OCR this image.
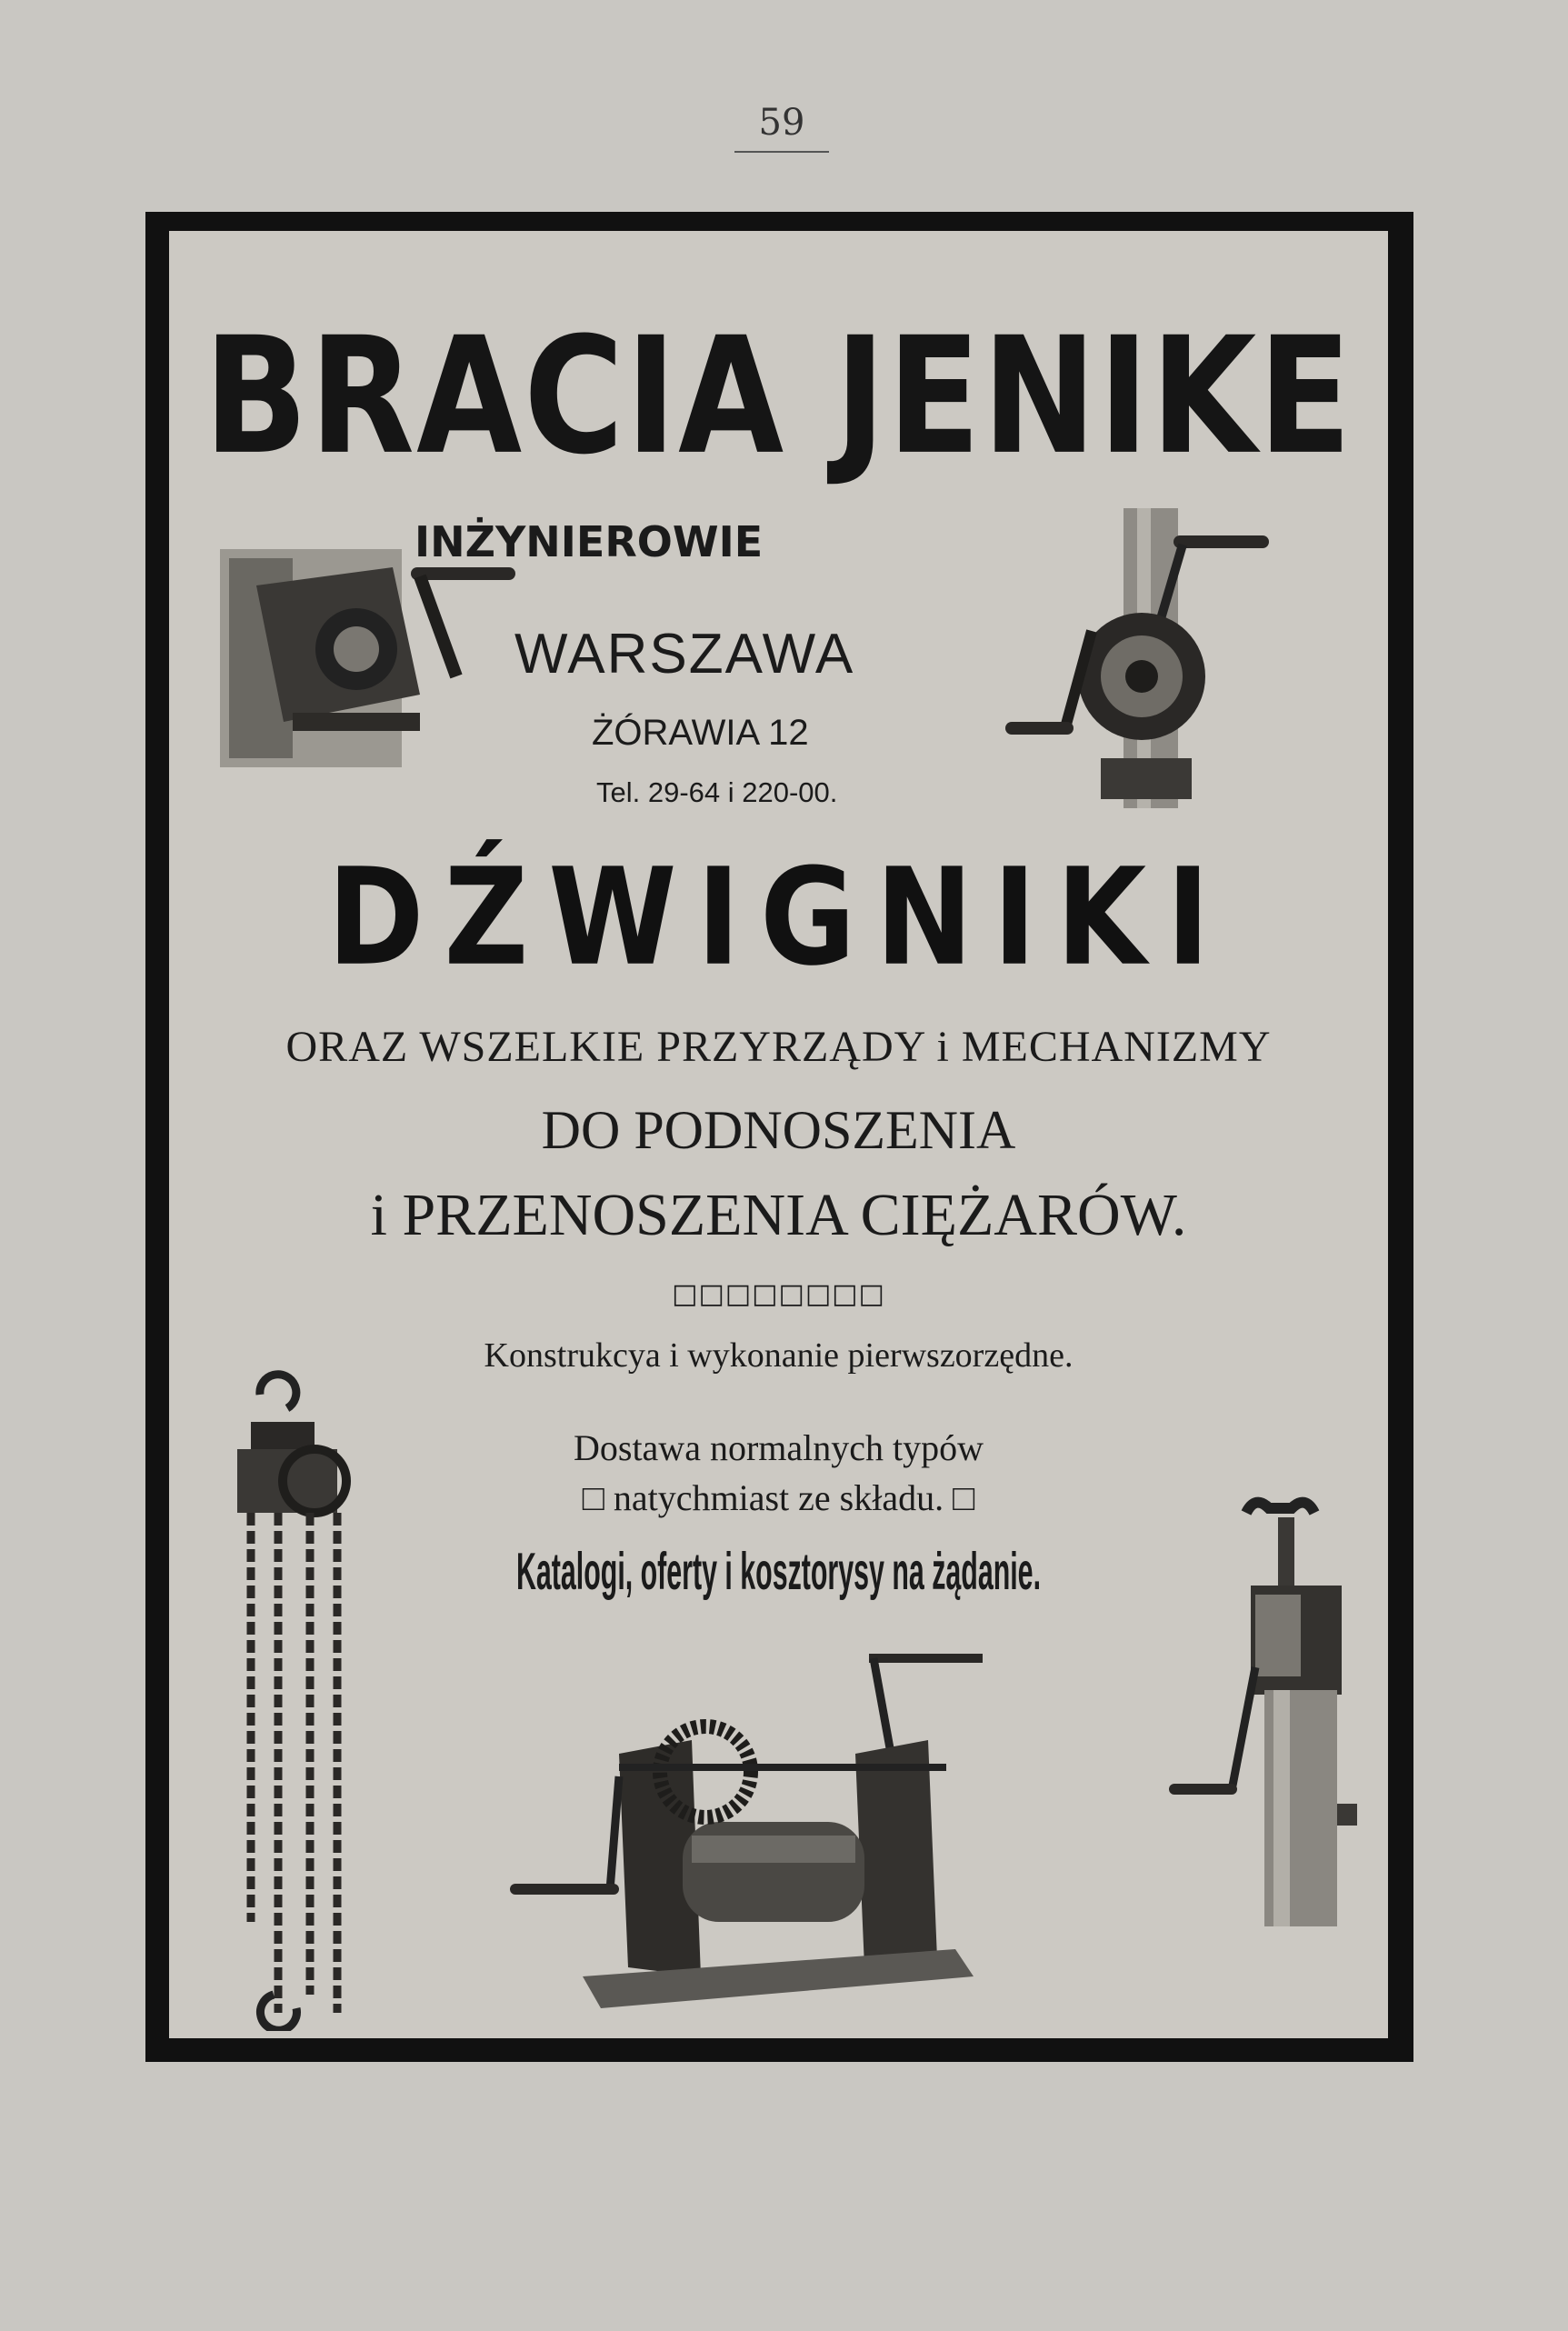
59
BRACIA JENIKE
INŻYNIEROWIE
WARSZAWA
ŻÓRAWIA 12
Tel. 29-64 i 220-00.
DŹWIGNIKI
ORAZ WSZELKIE PRZYRZĄDY i MECHANIZMY
DO PODNOSZENIA
i PRZENOSZENIA CIĘŻARÓW.
□□□□□□□□
Konstrukcya i wykonanie pierwszorzędne.
Dostawa normalnych typów
□ natychmiast ze składu. □
Katalogi, oferty i kosztorysy na żądanie.
